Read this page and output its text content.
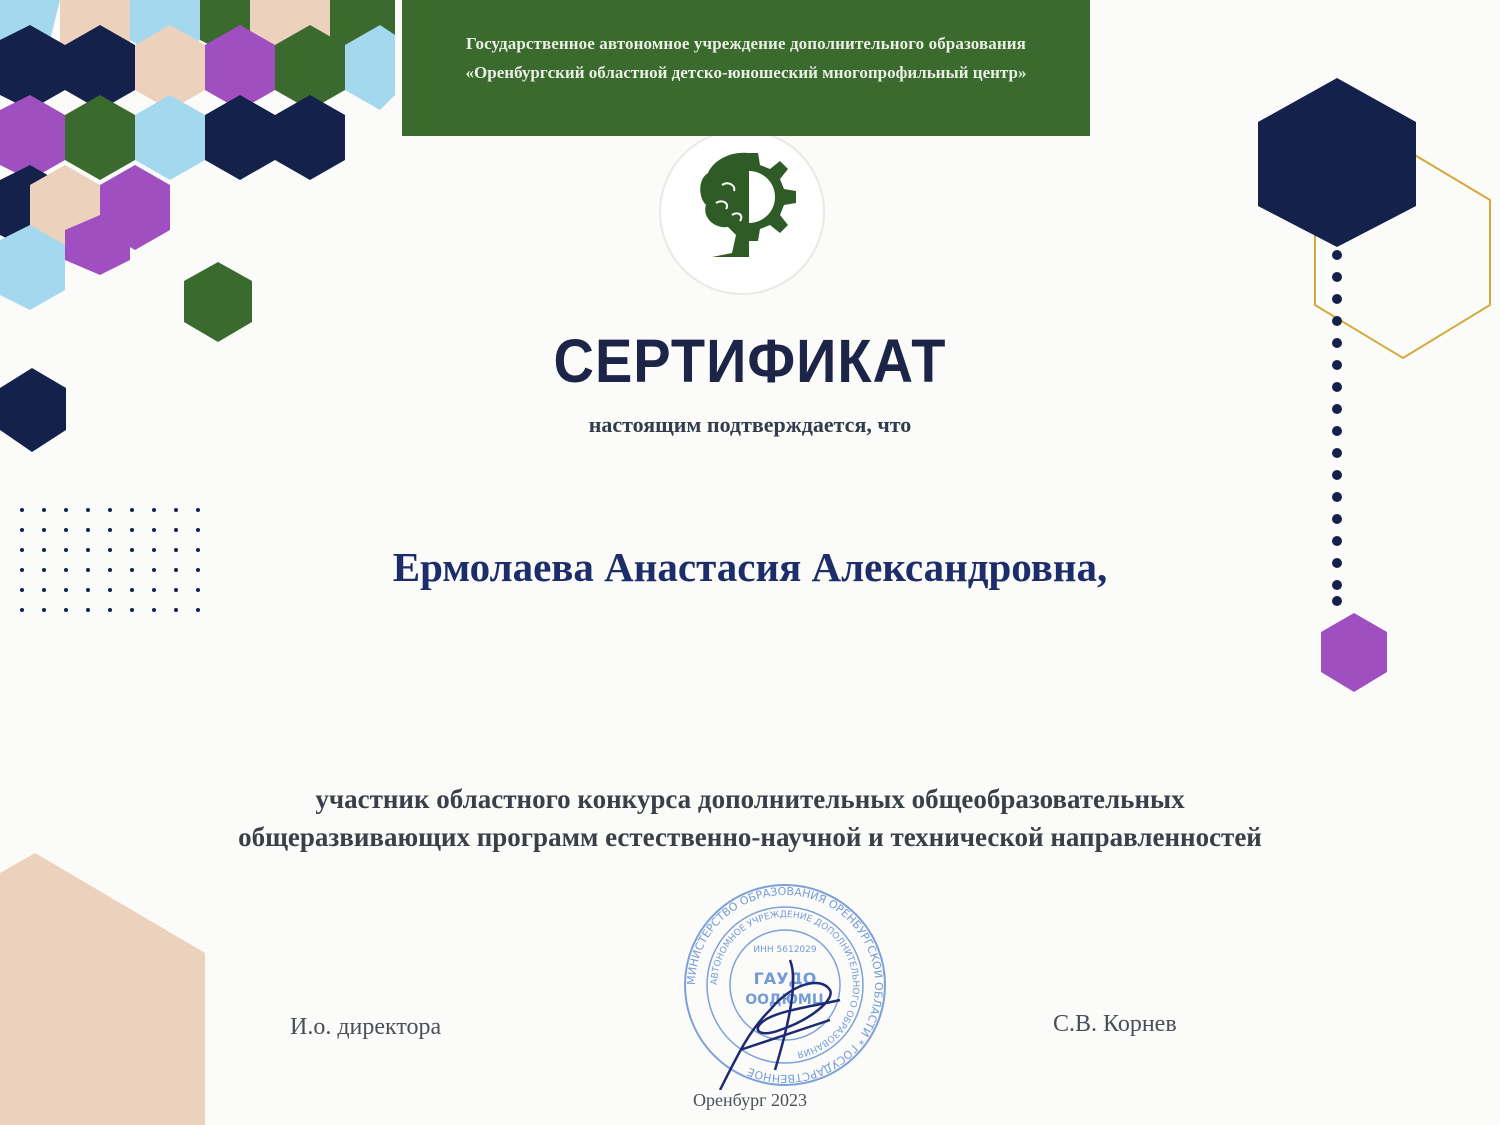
Государственное автономное учреждение дополнительного образования
«Оренбургский областной детско-юношеский многопрофильный центр»
СЕРТИФИКАТ
настоящим подтверждается, что
Ермолаева Анастасия Александровна,
участник областного конкурса дополнительных общеобразовательных общеразвивающих программ естественно-научной и технической направленностей
И.о. директора	С.В. Корнев
МИНИСТЕРСТВО ОБРАЗОВАНИЯ ОРЕНБУРГСКОЙ ОБЛАСТИ * ГОСУДАРСТВЕННОЕ
АВТОНОМНОЕ УЧРЕЖДЕНИЕ ДОПОЛНИТЕЛЬНОГО ОБРАЗОВАНИЯ
ИНН 5612029
ГАУДО
ООДЮМЦ
Оренбург 2023
